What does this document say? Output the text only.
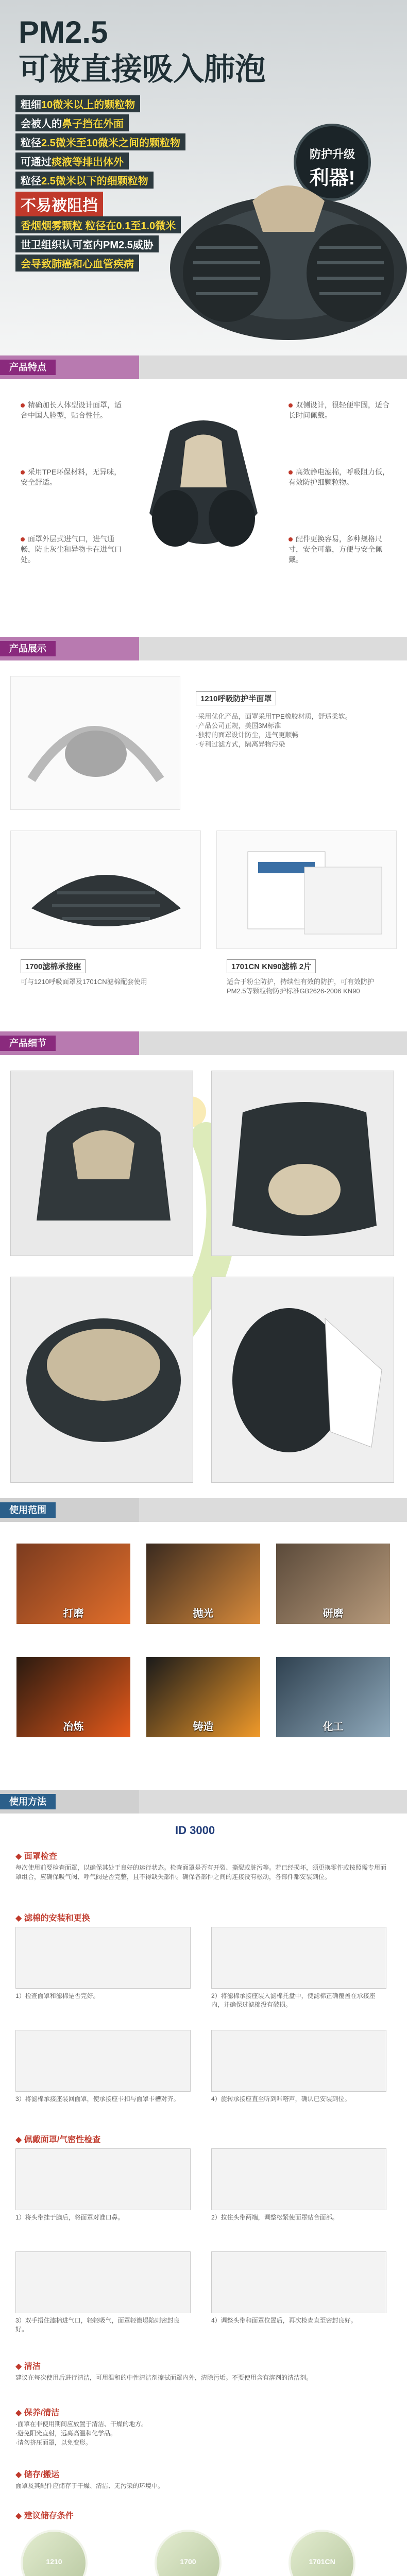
PM2.5
可被直接吸入肺泡
粗细10微米以上的颗粒物
会被人的鼻子挡在外面
粒径2.5微米至10微米之间的颗粒物
可通过痰液等排出体外
粒径2.5微米以下的细颗粒物
不易被阻挡
香烟烟雾颗粒 粒径在0.1至1.0微米
世卫组织认可室内PM2.5威胁
会导致肺癌和心血管疾病
防护升级
利器!
产品特点
精确加长人体型设计面罩，适合中国人脸型，贴合性佳。
采用TPE环保材料，无异味，安全舒适。
面罩外层式进气口，进气通畅，防止灰尘和异物卡在进气口处。
双侧设计，很轻便牢固，适合长时间佩戴。
高效静电滤棉，呼吸阻力低，有效防护细颗粒物。
配件更换容易，多种规格尺寸，安全可靠，方便与安全佩戴。
产品展示
1210呼吸防护半面罩
·采用优化产品，面罩采用TPE橡胶材质，舒适柔软。
·产品公司正规，美国3M标准
·独特的面罩设计防尘，进气更顺畅
·专利过滤方式，隔离异物污染
1700滤棉承接座
可与1210呼吸面罩及1701CN滤棉配套使用
1701CN KN90滤棉 2片
适合于粉尘防护，持续性有效的防护，可有效防护PM2.5等颗粒物防护标准GB2626-2006 KN90
产品细节
使用范围
打磨	抛光	研磨
冶炼	铸造	化工
使用方法
ID 3000
◆ 面罩检查
每次使用前要检查面罩，以确保其处于良好的运行状态。检查面罩是否有开裂、撕裂或脏污等。若已经损坏，须更换零件或按照需专用面罩组合，应确保吸气阀、呼气阀是否完整，且不得缺失部件。确保各部件之间的连接没有松动，各部件都安装到位。
◆ 滤棉的安装和更换
1）检查面罩和滤棉是否完好。	2）将滤棉承接座装入滤棉托盘中，使滤棉正确覆盖在承接座内，并确保过滤棉没有破损。
3）将滤棉承接座装回面罩，使承接座卡扣与面罩卡槽对齐。	4）旋转承接座直至听到咔嗒声，确认已安装到位。
◆ 佩戴面罩/气密性检查
1）将头带挂于脑后，将面罩对准口鼻。	2）拉住头带两端，调整松紧使面罩贴合面部。
3）双手捂住滤棉进气口，轻轻吸气，面罩轻微塌陷则密封良好。
4）调整头带和面罩位置后，再次检查直至密封良好。
◆ 清洁
建议在每次使用后进行清洁，可用温和的中性清洁剂擦拭面罩内外，清除污垢。不要使用含有溶剂的清洁剂。
◆ 保养/清洁
·面罩在非使用期间应放置于清洁、干燥的地方。
·避免阳光直射，远离高温和化学品。
·请勿挤压面罩，以免变形。
◆ 储存/搬运
面罩及其配件应储存于干燥、清洁、无污染的环境中。
◆ 建议储存条件
1210	1700	1701CN
